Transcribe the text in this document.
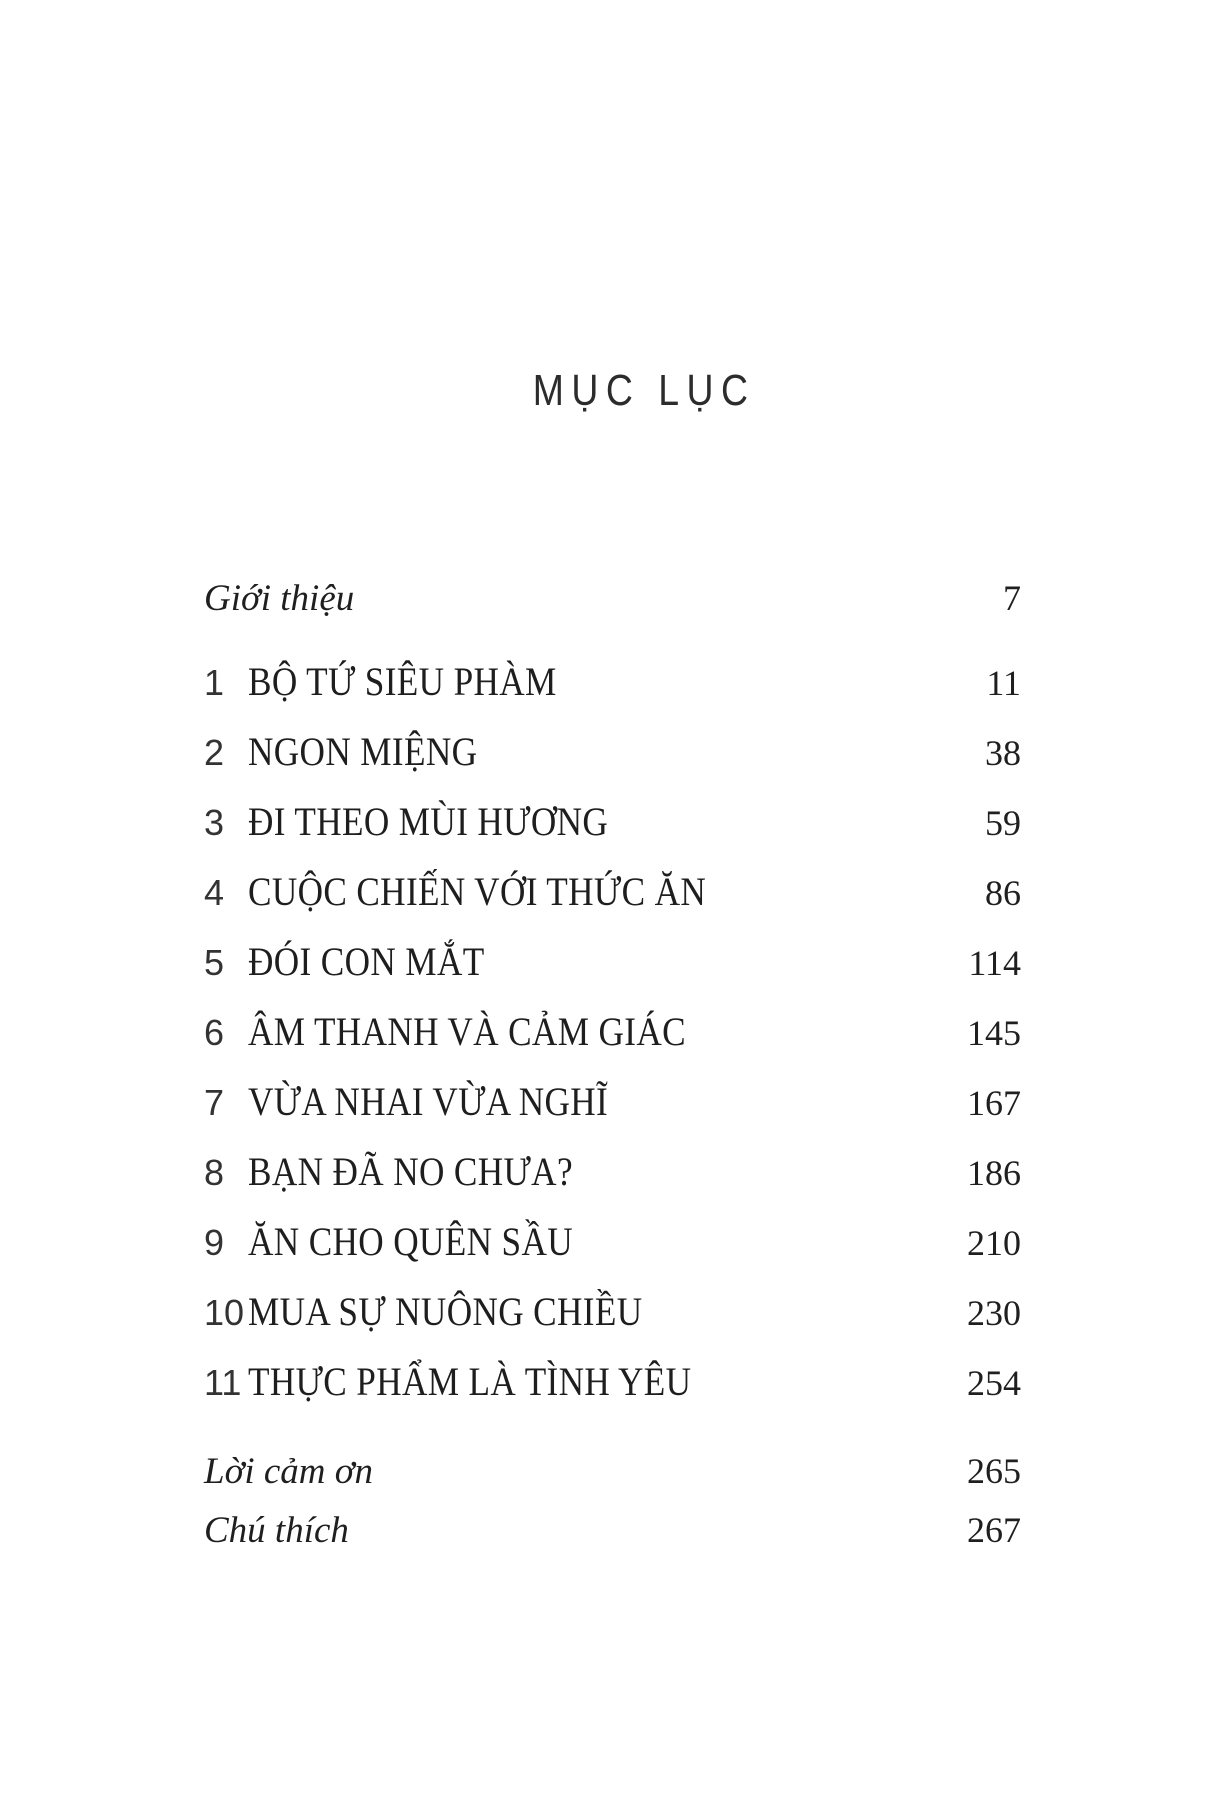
MỤC LỤC
Giới thiệu	7
1 BỘ TỨ SIÊU PHÀM	11
2 NGON MIỆNG	38
3 ĐI THEO MÙI HƯƠNG	59
4 CUỘC CHIẾN VỚI THỨC ĂN	86
5 ĐÓI CON MẮT	114
6 ÂM THANH VÀ CẢM GIÁC	145
7 VỪA NHAI VỪA NGHĨ	167
8 BẠN ĐÃ NO CHƯA?	186
9 ĂN CHO QUÊN SẦU	210
10 MUA SỰ NUÔNG CHIỀU	230
11 THỰC PHẨM LÀ TÌNH YÊU	254
Lời cảm ơn	265
Chú thích	267
